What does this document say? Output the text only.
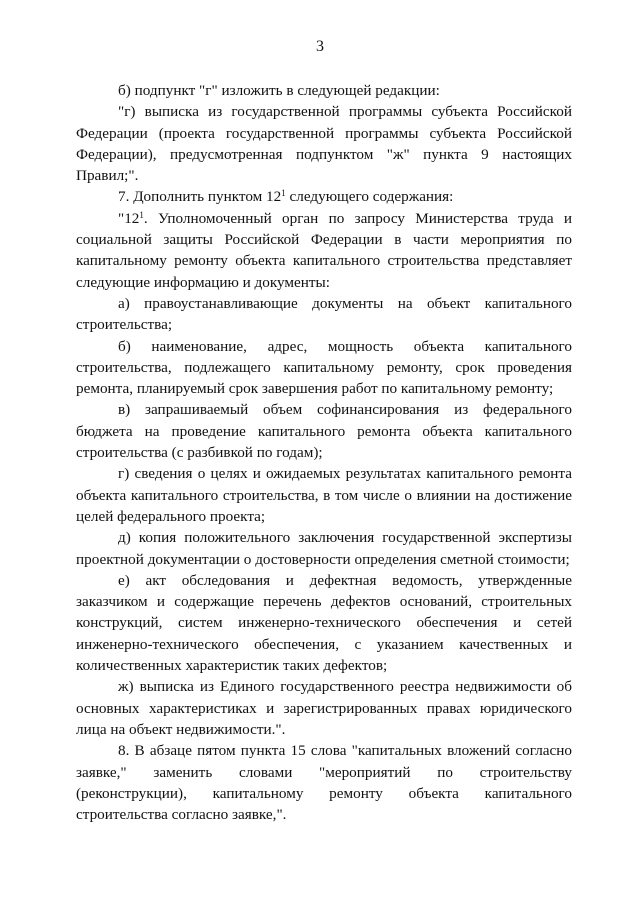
3

б) подпункт "г" изложить в следующей редакции:

"г) выписка из государственной программы субъекта Российской Федерации (проекта государственной программы субъекта Российской Федерации), предусмотренная подпунктом "ж" пункта 9 настоящих Правил;".

7. Дополнить пунктом $12^1$ следующего содержания:

"$12^1$. Уполномоченный орган по запросу Министерства труда и социальной защиты Российской Федерации в части мероприятия по капитальному ремонту объекта капитального строительства представляет следующие информацию и документы:

а) правоустанавливающие документы на объект капитального строительства;

б) наименование, адрес, мощность объекта капитального строительства, подлежащего капитальному ремонту, срок проведения ремонта, планируемый срок завершения работ по капитальному ремонту;

в) запрашиваемый объем софинансирования из федерального бюджета на проведение капитального ремонта объекта капитального строительства (с разбивкой по годам);

г) сведения о целях и ожидаемых результатах капитального ремонта объекта капитального строительства, в том числе о влиянии на достижение целей федерального проекта;

д) копия положительного заключения государственной экспертизы проектной документации о достоверности определения сметной стоимости;

е) акт обследования и дефектная ведомость, утвержденные заказчиком и содержащие перечень дефектов оснований, строительных конструкций, систем инженерно-технического обеспечения и сетей инженерно-технического обеспечения, с указанием качественных и количественных характеристик таких дефектов;

ж) выписка из Единого государственного реестра недвижимости об основных характеристиках и зарегистрированных правах юридического лица на объект недвижимости.".

8. В абзаце пятом пункта 15 слова "капитальных вложений согласно заявке," заменить словами "мероприятий по строительству (реконструкции), капитальному ремонту объекта капитального строительства согласно заявке,".
